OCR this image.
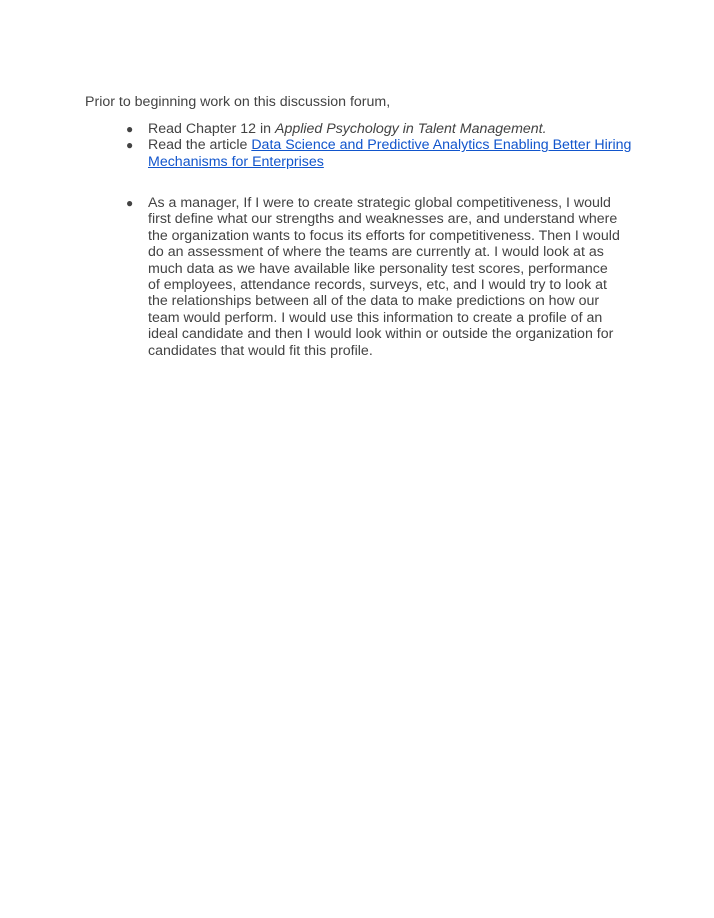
Prior to beginning work on this discussion forum,

● Read Chapter 12 in Applied Psychology in Talent Management.
● Read the article Data Science and Predictive Analytics Enabling Better Hiring Mechanisms for Enterprises
● As a manager, If I were to create strategic global competitiveness, I would first define what our strengths and weaknesses are, and understand where the organization wants to focus its efforts for competitiveness. Then I would do an assessment of where the teams are currently at. I would look at as much data as we have available like personality test scores, performance of employees, attendance records, surveys, etc, and I would try to look at the relationships between all of the data to make predictions on how our team would perform. I would use this information to create a profile of an ideal candidate and then I would look within or outside the organization for candidates that would fit this profile.
